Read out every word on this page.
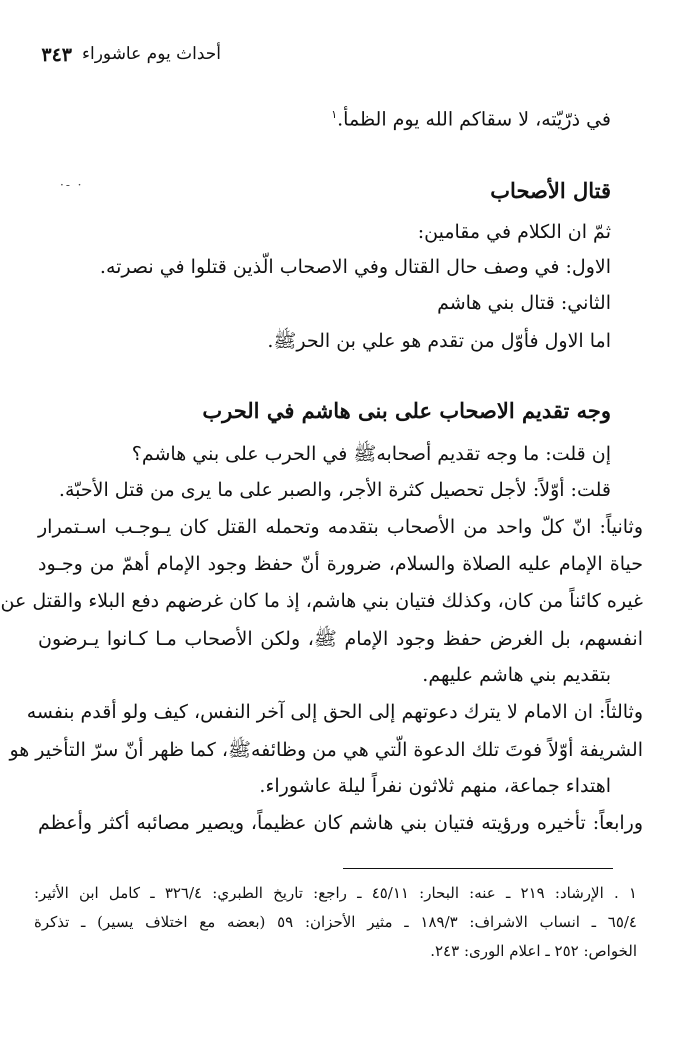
أحداث يوم عاشوراء
٣٤٣
في ذرّيّته، لا سقاكم الله يوم الظمأ.$^١$
· -·	قتال الأصحاب
ثمّ ان الكلام في مقامين:
الاول: في وصف حال القتال وفي الاصحاب الّذين قتلوا في نصرته.
الثاني: قتال بني هاشم
اما الاول فأوّل من تقدم هو علي بن الحرﷺ.
وجه تقديم الاصحاب على بنى هاشم في الحرب
إن قلت: ما وجه تقديم أصحابهﷺ في الحرب على بني هاشم؟
قلت: أوّلاً: لأجل تحصيل كثرة الأجر، والصبر على ما يرى من قتل الأحبّة.
وثانياً: انّ كلّ واحد من الأصحاب بتقدمه وتحمله القتل كان يـوجـب اسـتمرار
حياة الإمام عليه الصلاة والسلام، ضرورة أنّ حفظ وجود الإمام أهمّ من وجـود
غيره كائناً من كان، وكذلك فتيان بني هاشم، إذ ما كان غرضهم دفع البلاء والقتل عن
انفسهم، بل الغرض حفظ وجود الإمام ﷺ، ولكن الأصحاب مـا كـانوا يـرضون
بتقديم بني هاشم عليهم.
وثالثاً: ان الامام لا يترك دعوتهم إلى الحق إلى آخر النفس، كيف ولو أقدم بنفسه
الشريفة أوّلاً فوتَ تلك الدعوة الّتي هي من وظائفهﷺ، كما ظهر أنّ سرّ التأخير هو
اهتداء جماعة، منهم ثلاثون نفراً ليلة عاشوراء.
ورابعاً: تأخيره ورؤيته فتيان بني هاشم كان عظيماً، ويصير مصائبه أكثر وأعظم
١ . الإرشاد: ٢١٩ ـ عنه: البحار: ٤٥/١١ ـ راجع: تاريخ الطبري: ٣٢٦/٤ ـ كامل ابن الأثير:
٦٥/٤ ـ انساب الاشراف: ١٨٩/٣ ـ مثير الأحزان: ٥٩ (بعضه مع اختلاف يسير) ـ تذكرة
الخواص: ٢٥٢ ـ اعلام الورى: ٢٤٣.
